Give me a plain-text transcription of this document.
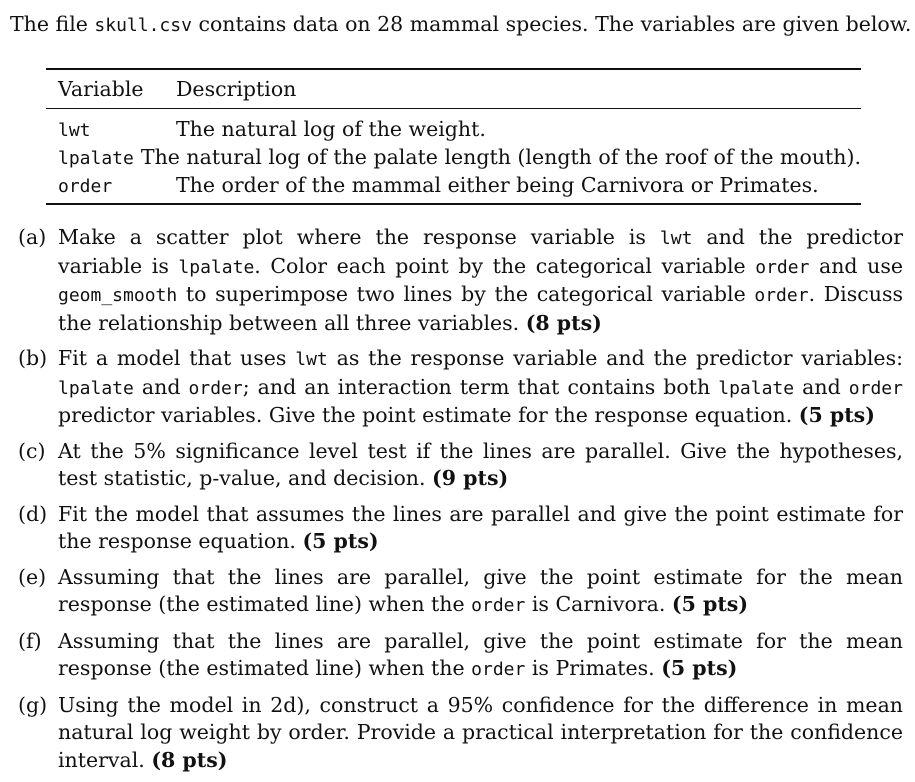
The file skull.csv contains data on 28 mammal species. The variables are given below.
Variable	Description
lwt	The natural log of the weight.
lpalate The natural log of the palate length (length of the roof of the mouth).
order	The order of the mammal either being Carnivora or Primates.
(a) Make a scatter plot where the response variable is lwt and the predictor variable is lpalate. Color each point by the categorical variable order and use geom_smooth to superimpose two lines by the categorical variable order. Discuss the relationship between all three variables. (8 pts)
(b) Fit a model that uses lwt as the response variable and the predictor variables: lpalate and order; and an interaction term that contains both lpalate and order predictor variables. Give the point estimate for the response equation. (5 pts)
(c) At the 5% significance level test if the lines are parallel. Give the hypotheses, test statistic, p-value, and decision. (9 pts)
(d) Fit the model that assumes the lines are parallel and give the point estimate for the response equation. (5 pts)
(e) Assuming that the lines are parallel, give the point estimate for the mean response (the estimated line) when the order is Carnivora. (5 pts)
(f) Assuming that the lines are parallel, give the point estimate for the mean response (the estimated line) when the order is Primates. (5 pts)
(g) Using the model in 2d), construct a 95% confidence for the difference in mean natural log weight by order. Provide a practical interpretation for the confidence interval. (8 pts)
